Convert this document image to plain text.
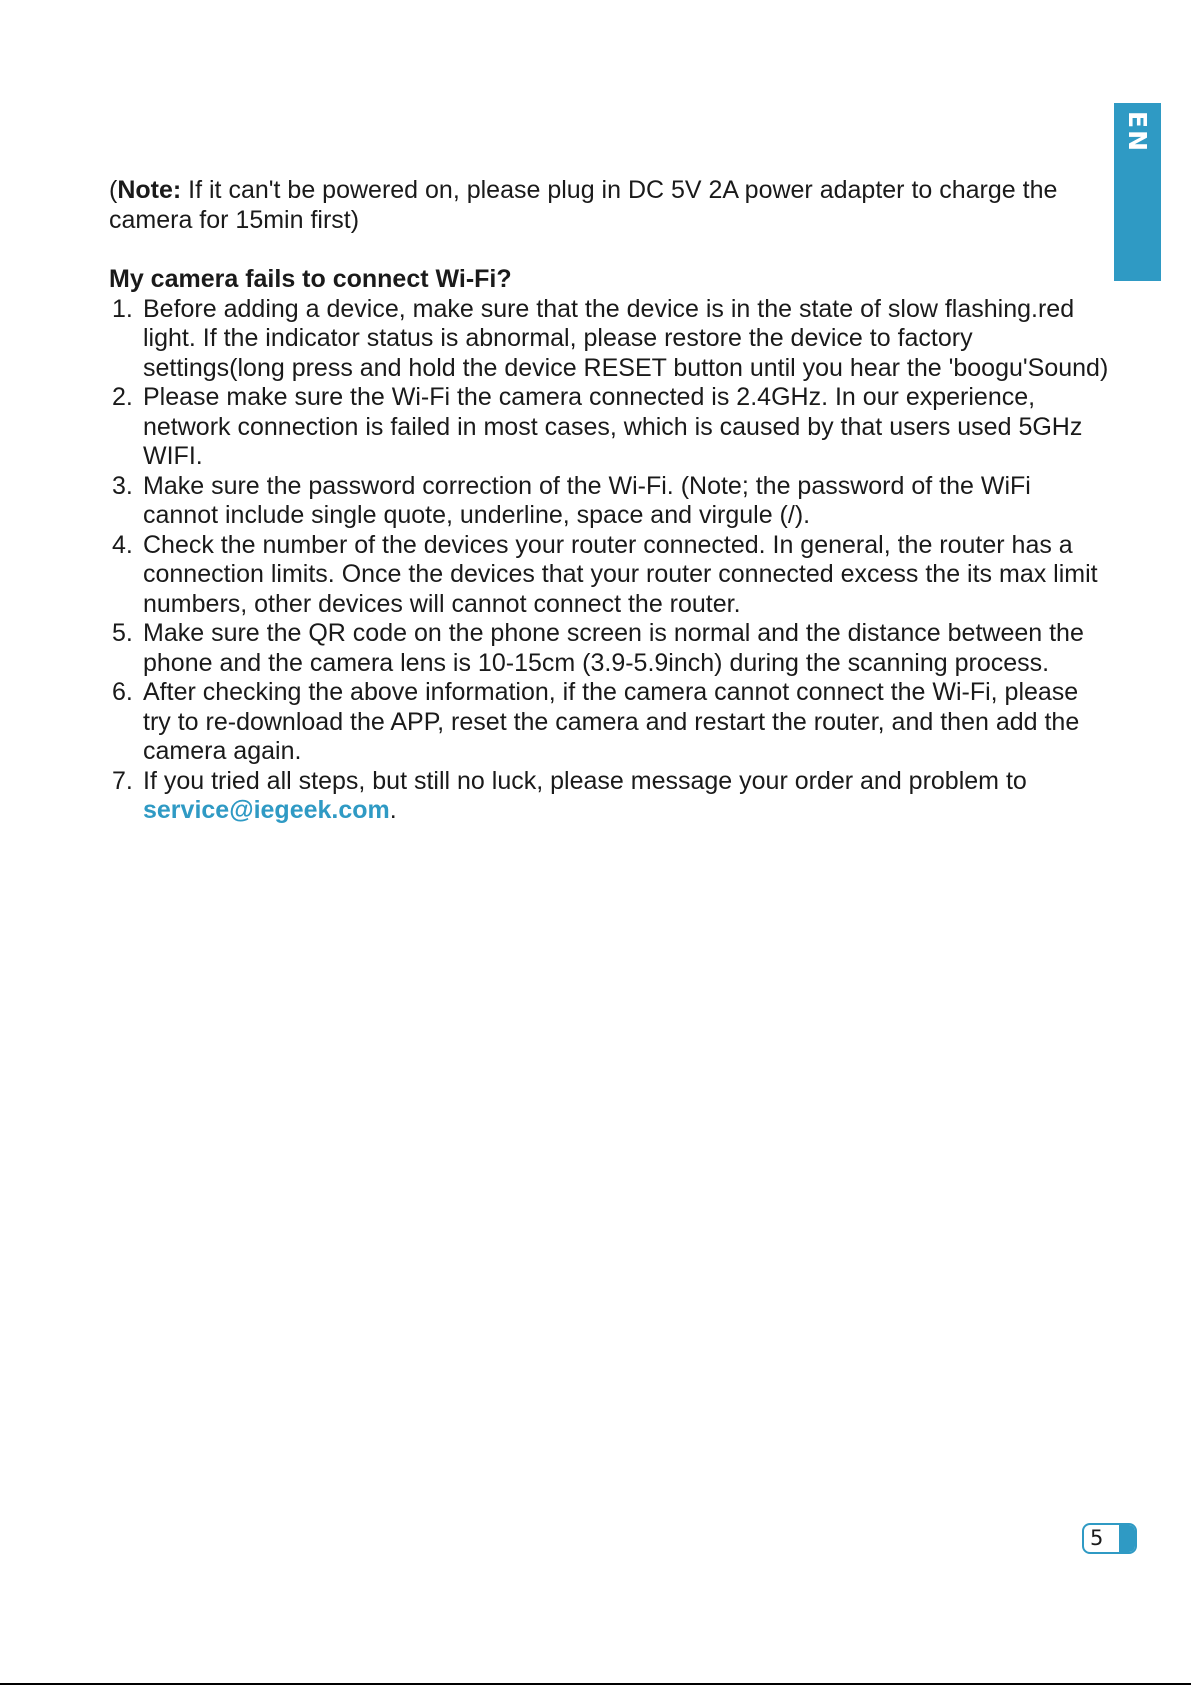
EN

(Note: If it can't be powered on, please plug in DC 5V 2A power adapter to charge the camera for 15min first)

My camera fails to connect Wi-Fi?

1. Before adding a device, make sure that the device is in the state of slow flashing.red light. If the indicator status is abnormal, please restore the device to factory settings(long press and hold the device RESET button until you hear the 'boogu'Sound)
2. Please make sure the Wi-Fi the camera connected is 2.4GHz. In our experience, network connection is failed in most cases, which is caused by that users used 5GHz WIFI.
3. Make sure the password correction of the Wi-Fi. (Note; the password of the WiFi cannot include single quote, underline, space and virgule (/).
4. Check the number of the devices your router connected. In general, the router has a connection limits. Once the devices that your router connected excess the its max limit numbers, other devices will cannot connect the router.
5. Make sure the QR code on the phone screen is normal and the distance between the phone and the camera lens is 10-15cm (3.9-5.9inch) during the scanning process.
6. After checking the above information, if the camera cannot connect the Wi-Fi, please try to re-download the APP, reset the camera and restart the router, and then add the camera again.
7. If you tried all steps, but still no luck, please message your order and problem to service@iegeek.com.
5
